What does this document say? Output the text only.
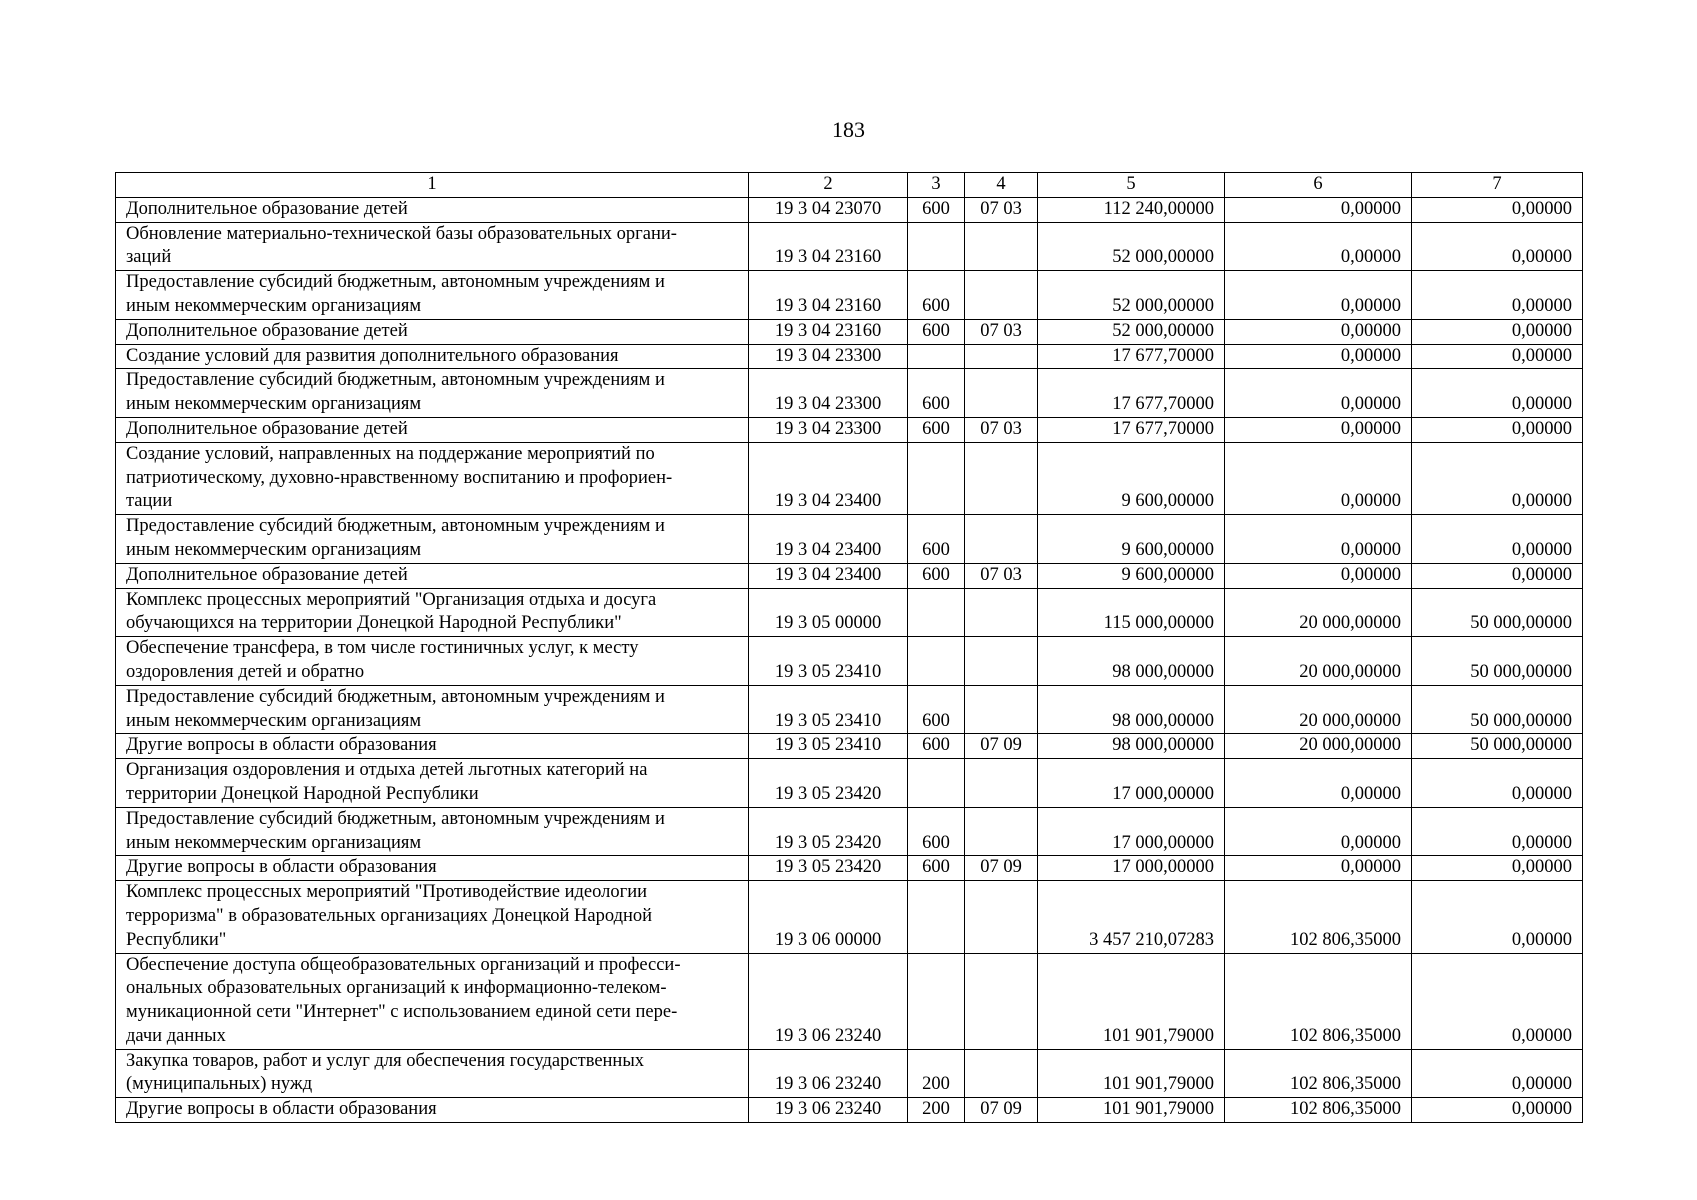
183
1	2	3	4	5	6	7

Дополнительное образование детей	19 3 04 23070	600	07 03	112 240,00000	0,00000	0,00000

Обновление материально-технической базы образовательных органи-
заций	19 3 04 23160			52 000,00000	0,00000	0,00000

Предоставление субсидий бюджетным, автономным учреждениям и
иным некоммерческим организациям	19 3 04 23160	600		52 000,00000	0,00000	0,00000

Дополнительное образование детей	19 3 04 23160	600	07 03	52 000,00000	0,00000	0,00000

Создание условий для развития дополнительного образования	19 3 04 23300			17 677,70000	0,00000	0,00000

Предоставление субсидий бюджетным, автономным учреждениям и
иным некоммерческим организациям	19 3 04 23300	600		17 677,70000	0,00000	0,00000

Дополнительное образование детей	19 3 04 23300	600	07 03	17 677,70000	0,00000	0,00000

Создание условий, направленных на поддержание мероприятий по
патриотическому, духовно-нравственному воспитанию и профориен-
тации	19 3 04 23400			9 600,00000	0,00000	0,00000

Предоставление субсидий бюджетным, автономным учреждениям и
иным некоммерческим организациям	19 3 04 23400	600		9 600,00000	0,00000	0,00000

Дополнительное образование детей	19 3 04 23400	600	07 03	9 600,00000	0,00000	0,00000

Комплекс процессных мероприятий "Организация отдыха и досуга
обучающихся на территории Донецкой Народной Республики"	19 3 05 00000			115 000,00000	20 000,00000	50 000,00000

Обеспечение трансфера, в том числе гостиничных услуг, к месту
оздоровления детей и обратно	19 3 05 23410			98 000,00000	20 000,00000	50 000,00000

Предоставление субсидий бюджетным, автономным учреждениям и
иным некоммерческим организациям	19 3 05 23410	600		98 000,00000	20 000,00000	50 000,00000

Другие вопросы в области образования	19 3 05 23410	600	07 09	98 000,00000	20 000,00000	50 000,00000

Организация оздоровления и отдыха детей льготных категорий на
территории Донецкой Народной Республики	19 3 05 23420			17 000,00000	0,00000	0,00000

Предоставление субсидий бюджетным, автономным учреждениям и
иным некоммерческим организациям	19 3 05 23420	600		17 000,00000	0,00000	0,00000

Другие вопросы в области образования	19 3 05 23420	600	07 09	17 000,00000	0,00000	0,00000

Комплекс процессных мероприятий "Противодействие идеологии
терроризма" в образовательных организациях Донецкой Народной
Республики"	19 3 06 00000			3 457 210,07283	102 806,35000	0,00000

Обеспечение доступа общеобразовательных организаций и професси-
ональных образовательных организаций к информационно-телеком-
муникационной сети "Интернет" с использованием единой сети пере-
дачи данных	19 3 06 23240			101 901,79000	102 806,35000	0,00000

Закупка товаров, работ и услуг для обеспечения государственных
(муниципальных) нужд	19 3 06 23240	200		101 901,79000	102 806,35000	0,00000

Другие вопросы в области образования	19 3 06 23240	200	07 09	101 901,79000	102 806,35000	0,00000
